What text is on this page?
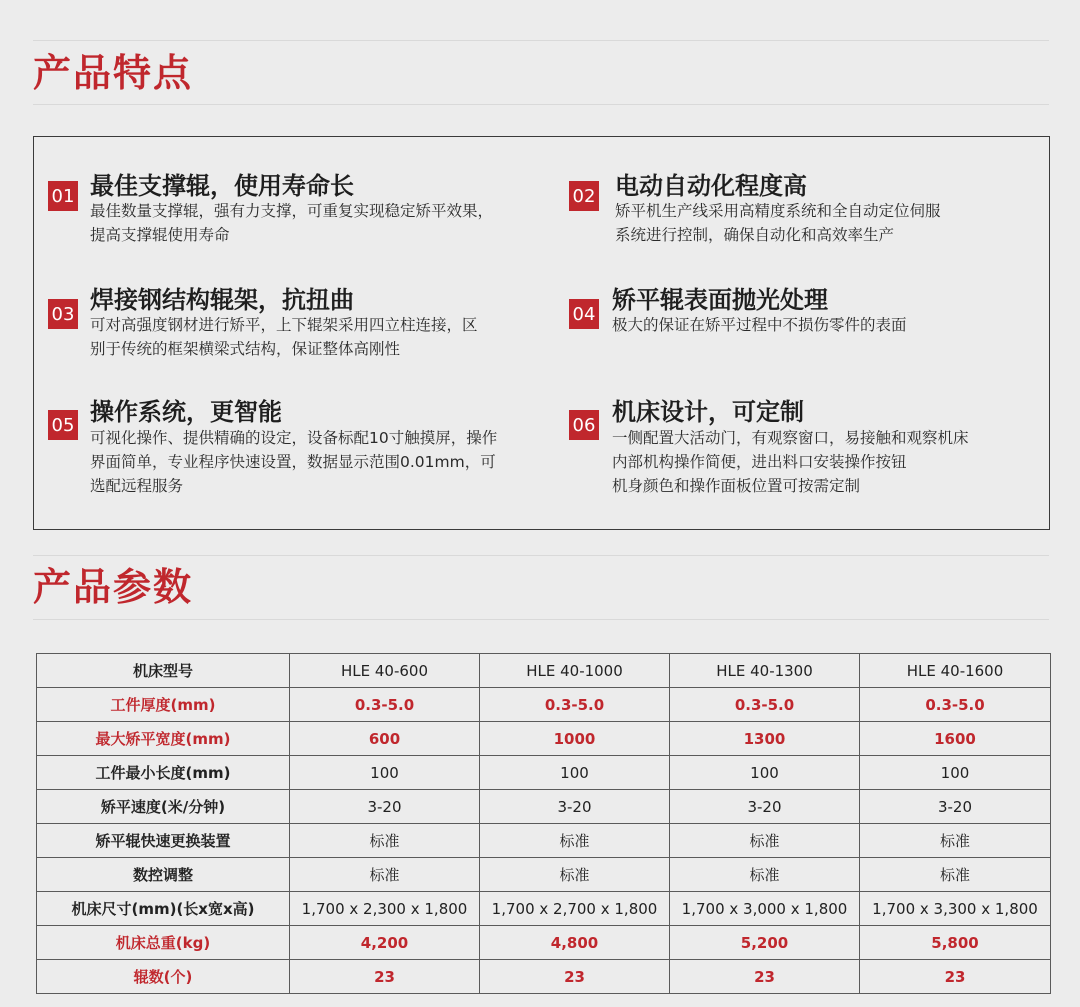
产品特点
01 最佳支撑辊，使用寿命长
最佳数量支撑辊，强有力支撑，可重复实现稳定矫平效果，
提高支撑辊使用寿命
02 电动自动化程度高
矫平机生产线采用高精度系统和全自动定位伺服
系统进行控制，确保自动化和高效率生产
03 焊接钢结构辊架，抗扭曲
可对高强度钢材进行矫平，上下辊架采用四立柱连接，区
别于传统的框架横梁式结构，保证整体高刚性
04 矫平辊表面抛光处理
极大的保证在矫平过程中不损伤零件的表面
05 操作系统，更智能
可视化操作、提供精确的设定，设备标配10寸触摸屏，操作
界面简单，专业程序快速设置，数据显示范围0.01mm，可
选配远程服务
06 机床设计，可定制
一侧配置大活动门，有观察窗口，易接触和观察机床
内部机构操作简便，进出料口安装操作按钮
机身颜色和操作面板位置可按需定制
产品参数
机床型号	HLE 40-600	HLE 40-1000	HLE 40-1300	HLE 40-1600
工件厚度(mm)	0.3-5.0	0.3-5.0	0.3-5.0	0.3-5.0
最大矫平宽度(mm)	600	1000	1300	1600
工件最小长度(mm)	100	100	100	100
矫平速度(米/分钟)	3-20	3-20	3-20	3-20
矫平辊快速更换装置	标准	标准	标准	标准
数控调整	标准	标准	标准	标准
机床尺寸(mm)(长x宽x高)	1,700 x 2,300 x 1,800	1,700 x 2,700 x 1,800	1,700 x 3,000 x 1,800	1,700 x 3,300 x 1,800
机床总重(kg)	4,200	4,800	5,200	5,800
辊数(个)	23	23	23	23
